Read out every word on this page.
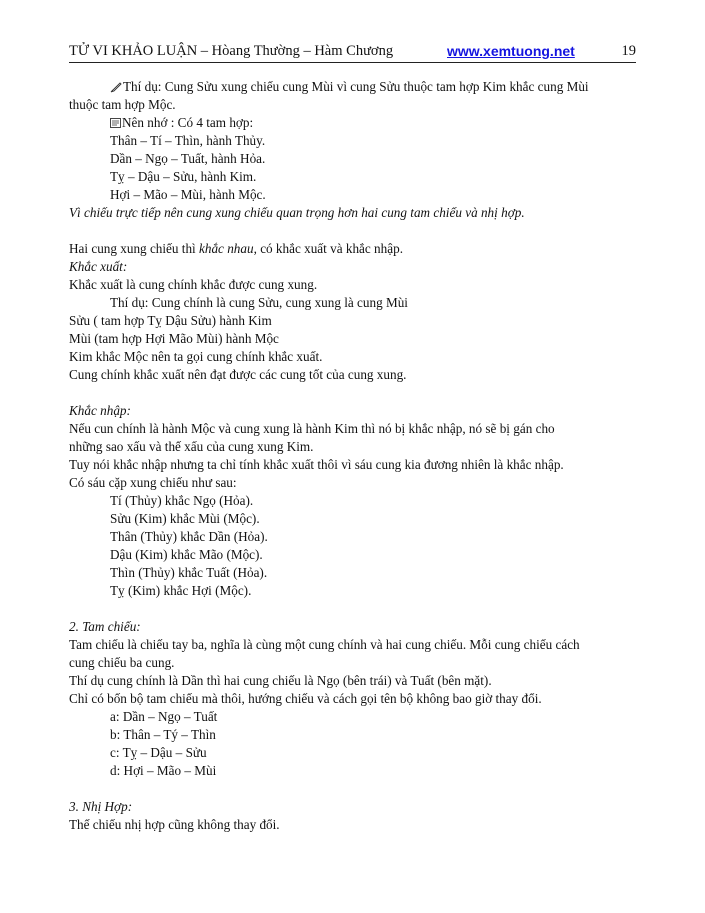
TỬ VI KHẢO LUẬN – Hòang Thường – Hàm Chương	www.xemtuong.net	19

Thí dụ: Cung Sửu xung chiếu cung Mùi vì cung Sửu thuộc tam hợp Kim khắc cung Mùi

thuộc tam hợp Mộc.

Nên nhớ : Có 4 tam hợp:

Thân – Tí – Thìn, hành Thủy.

Dần – Ngọ – Tuất, hành Hỏa.

Tỵ – Dậu – Sửu, hành Kim.

Hợi – Mão – Mùi, hành Mộc.

Vì chiếu trực tiếp nên cung xung chiếu quan trọng hơn hai cung tam chiếu và nhị hợp.

Hai cung xung chiếu thì khắc nhau, có khắc xuất và khắc nhập.

Khắc xuất:

Khắc xuất là cung chính khắc được cung xung.

Thí dụ: Cung chính là cung Sửu, cung xung là cung Mùi

Sửu ( tam hợp Tỵ Dậu Sửu) hành Kim

Mùi (tam hợp Hợi Mão Mùi) hành Mộc

Kim khắc Mộc nên ta gọi cung chính khắc xuất.

Cung chính khắc xuất nên đạt được các cung tốt của cung xung.

Khắc nhập:

Nếu cun chính là hành Mộc và cung xung là hành Kim thì nó bị khắc nhập, nó sẽ bị gán cho

những sao xấu và thế xấu của cung xung Kim.

Tuy nói khắc nhập nhưng ta chỉ tính khắc xuất thôi vì sáu cung kia đương nhiên là khắc nhập.

Có sáu cặp xung chiếu như sau:

Tí (Thủy) khắc Ngọ (Hỏa).

Sửu (Kim) khắc Mùi (Mộc).

Thân (Thủy) khắc Dần (Hỏa).

Dậu (Kim) khắc Mão (Mộc).

Thìn (Thủy) khắc Tuất (Hỏa).

Tỵ (Kim) khắc Hợi (Mộc).

2. Tam chiếu:

Tam chiếu là chiếu tay ba, nghĩa là cùng một cung chính và hai cung chiếu. Mỗi cung chiếu cách

cung chiếu ba cung.

Thí dụ cung chính là Dần thì hai cung chiếu là Ngọ (bên trái) và Tuất (bên mặt).

Chỉ có bốn bộ tam chiếu mà thôi, hướng chiếu và cách gọi tên bộ không bao giờ thay đổi.

a: Dần – Ngọ – Tuất

b: Thân – Tý – Thìn

c: Tỵ – Dậu – Sửu

d: Hợi – Mão – Mùi

3. Nhị Hợp:

Thế chiếu nhị hợp cũng không thay đổi.
